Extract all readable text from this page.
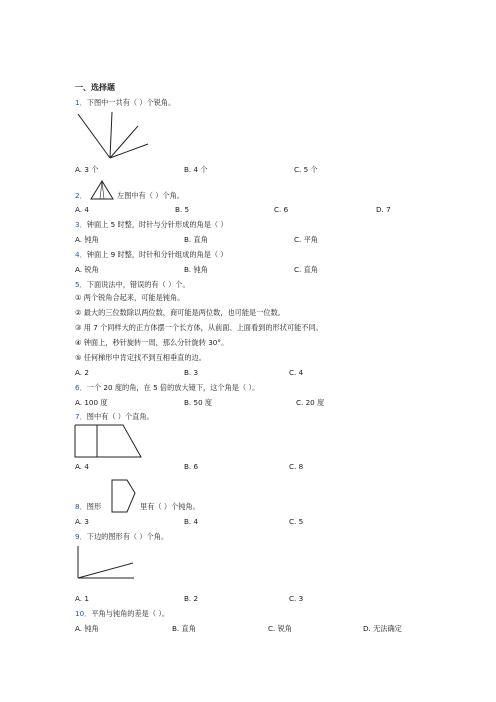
一、选择题
1．下图中一共有（ ）个锐角。
A. 3 个	B. 4 个	C. 5 个
2．	左图中有（ ）个角。
A. 4	B. 5	C. 6	D. 7
3．钟面上 5 时整，时针与分针形成的角是（ ）
A. 钝角	B. 直角	C. 平角
4．钟面上 9 时整，时针和分针组成的角是（ ）
A. 锐角	B. 钝角	C. 直角
5．下面说法中，错误的有（ ）个。
① 两个锐角合起来，可能是钝角。
② 最大的三位数除以两位数，商可能是两位数，也可能是一位数。
③ 用 7 个同样大的正方体摆一个长方体，从前面、上面看到的形状可能不同。
④ 钟面上，秒针旋转一周，那么分针旋转 30°。
⑤ 任何梯形中肯定找不到互相垂直的边。
A. 2	B. 3	C. 4
6．一个 20 度的角，在 5 倍的放大镜下，这个角是（ ）。
A. 100 度	B. 50 度	C. 20 度
7．图中有（ ）个直角。
A. 4	B. 6	C. 8
8．图形	里有（ ）个钝角。
A. 3	B. 4	C. 5
9．下边的图形有（ ）个角。
A. 1	B. 2	C. 3
10．平角与钝角的差是（ ）。
A. 钝角	B. 直角	C. 锐角	D. 无法确定
